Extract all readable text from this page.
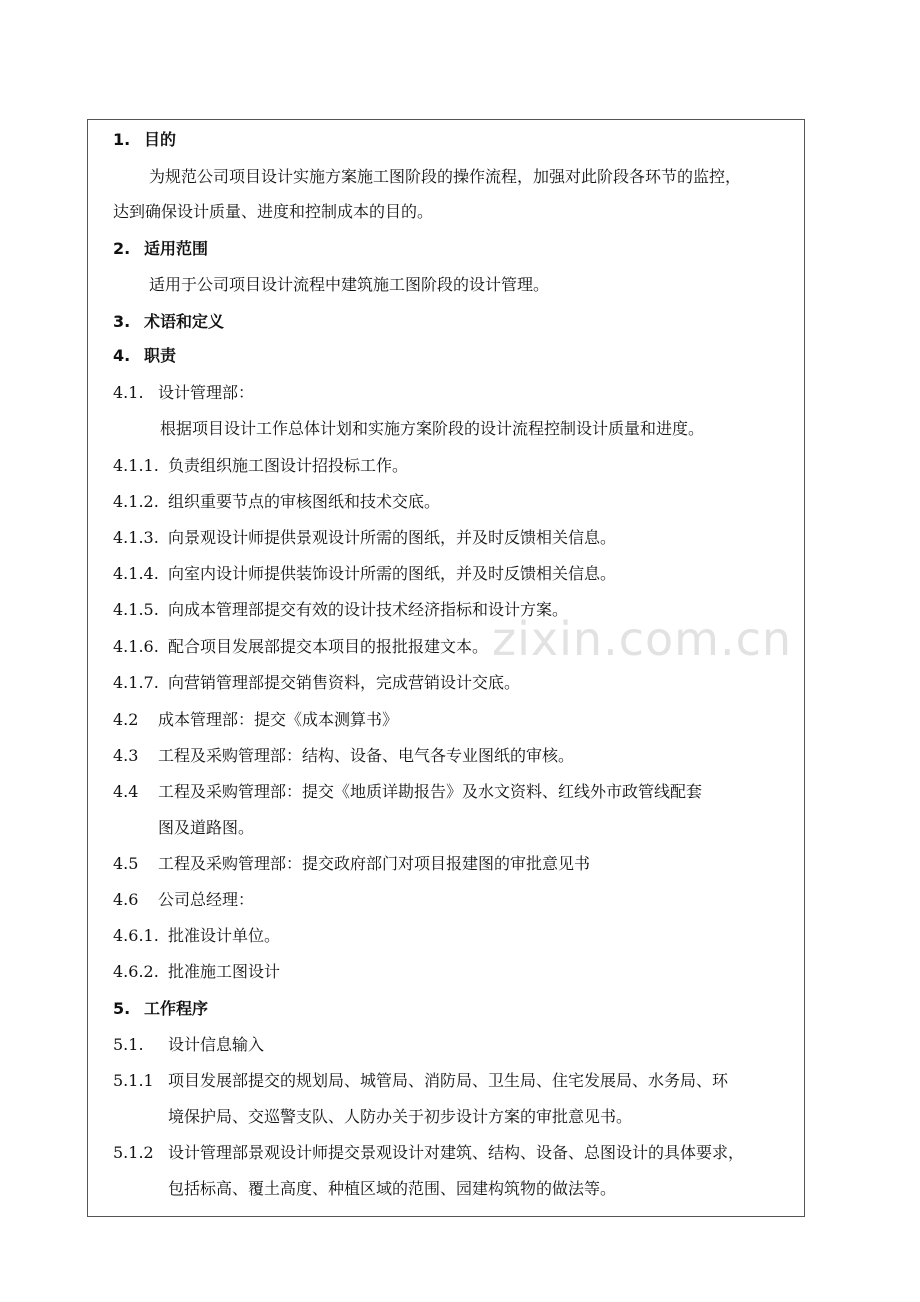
zixin.com.cn
1. 目的
为规范公司项目设计实施方案施工图阶段的操作流程，加强对此阶段各环节的监控，
达到确保设计质量、进度和控制成本的目的。
2. 适用范围
适用于公司项目设计流程中建筑施工图阶段的设计管理。
3. 术语和定义
4. 职责
4.1. 设计管理部：
根据项目设计工作总体计划和实施方案阶段的设计流程控制设计质量和进度。
4.1.1. 负责组织施工图设计招投标工作。
4.1.2. 组织重要节点的审核图纸和技术交底。
4.1.3. 向景观设计师提供景观设计所需的图纸，并及时反馈相关信息。
4.1.4. 向室内设计师提供装饰设计所需的图纸，并及时反馈相关信息。
4.1.5. 向成本管理部提交有效的设计技术经济指标和设计方案。
4.1.6. 配合项目发展部提交本项目的报批报建文本。
4.1.7. 向营销管理部提交销售资料，完成营销设计交底。
4.2 成本管理部：提交《成本测算书》
4.3 工程及采购管理部：结构、设备、电气各专业图纸的审核。
4.4 工程及采购管理部：提交《地质详勘报告》及水文资料、红线外市政管线配套
图及道路图。
4.5 工程及采购管理部：提交政府部门对项目报建图的审批意见书
4.6 公司总经理：
4.6.1. 批准设计单位。
4.6.2. 批准施工图设计
5. 工作程序
5.1. 设计信息输入
5.1.1 项目发展部提交的规划局、城管局、消防局、卫生局、住宅发展局、水务局、环
境保护局、交巡警支队、人防办关于初步设计方案的审批意见书。
5.1.2 设计管理部景观设计师提交景观设计对建筑、结构、设备、总图设计的具体要求，
包括标高、覆土高度、种植区域的范围、园建构筑物的做法等。
